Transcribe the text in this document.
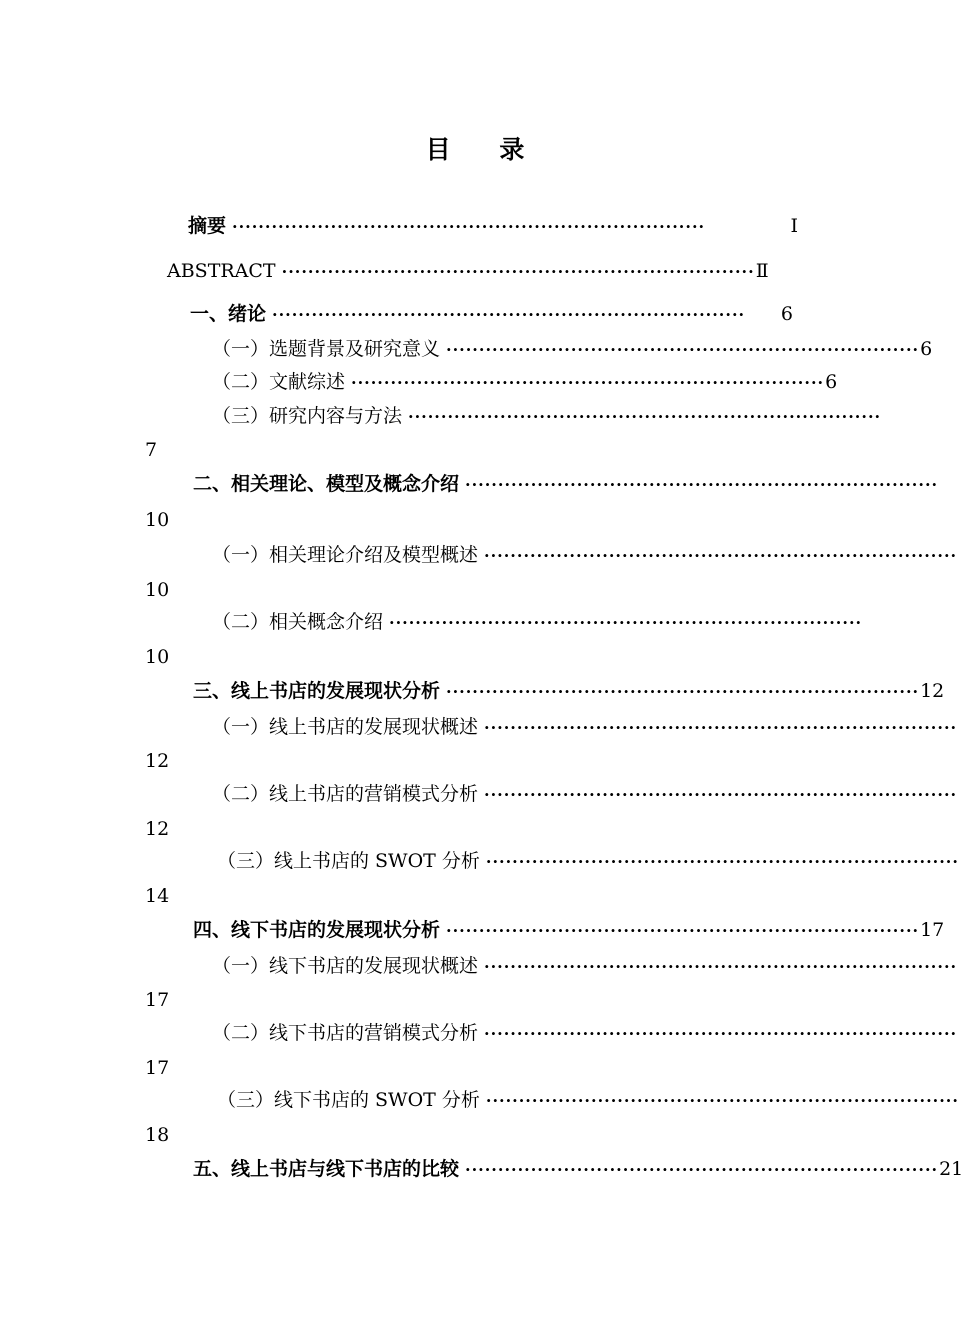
目 录
摘要 ········································································	Ⅰ
ABSTRACT ········································································ Ⅱ
一、绪论 ········································································	6
（一）选题背景及研究意义 ········································································ 6
（二）文献综述 ········································································ 6
（三）研究内容与方法 ········································································
7
二、相关理论、模型及概念介绍 ········································································
10
（一）相关理论介绍及模型概述 ········································································
10
（二）相关概念介绍 ········································································
10
三、线上书店的发展现状分析 ········································································ 12
（一）线上书店的发展现状概述 ········································································
12
（二）线上书店的营销模式分析 ········································································
12
（三）线上书店的 SWOT 分析 ········································································
14
四、线下书店的发展现状分析 ········································································ 17
（一）线下书店的发展现状概述 ········································································
17
（二）线下书店的营销模式分析 ········································································
17
（三）线下书店的 SWOT 分析 ········································································
18
五、线上书店与线下书店的比较 ········································································ 21
